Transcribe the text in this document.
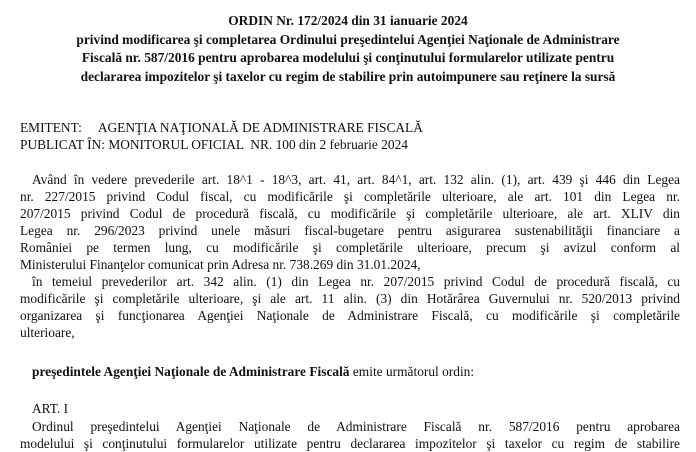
ORDIN Nr. 172/2024 din 31 ianuarie 2024
privind modificarea şi completarea Ordinului preşedintelui Agenţiei Naţionale de Administrare
Fiscală nr. 587/2016 pentru aprobarea modelului şi conţinutului formularelor utilizate pentru
declararea impozitelor şi taxelor cu regim de stabilire prin autoimpunere sau reţinere la sursă
EMITENT: AGENŢIA NAŢIONALĂ DE ADMINISTRARE FISCALĂ
PUBLICAT ÎN: MONITORUL OFICIAL  NR. 100 din 2 februarie 2024
Având în vedere prevederile art. 18^1 - 18^3, art. 41, art. 84^1, art. 132 alin. (1), art. 439 şi 446 din Legea
nr. 227/2015 privind Codul fiscal, cu modificările şi completările ulterioare, ale art. 101 din Legea nr.
207/2015 privind Codul de procedură fiscală, cu modificările şi completările ulterioare, ale art. XLIV din
Legea nr. 296/2023 privind unele măsuri fiscal-bugetare pentru asigurarea sustenabilităţii financiare a
României pe termen lung, cu modificările şi completările ulterioare, precum şi avizul conform al
Ministerului Finanţelor comunicat prin Adresa nr. 738.269 din 31.01.2024,
în temeiul prevederilor art. 342 alin. (1) din Legea nr. 207/2015 privind Codul de procedură fiscală, cu
modificările şi completările ulterioare, şi ale art. 11 alin. (3) din Hotărârea Guvernului nr. 520/2013 privind
organizarea şi funcţionarea Agenţiei Naţionale de Administrare Fiscală, cu modificările şi completările
ulterioare,
preşedintele Agenţiei Naţionale de Administrare Fiscală emite următorul ordin:
ART. I
Ordinul preşedintelui Agenţiei Naţionale de Administrare Fiscală nr. 587/2016 pentru aprobarea
modelului şi conţinutului formularelor utilizate pentru declararea impozitelor şi taxelor cu regim de stabilire
